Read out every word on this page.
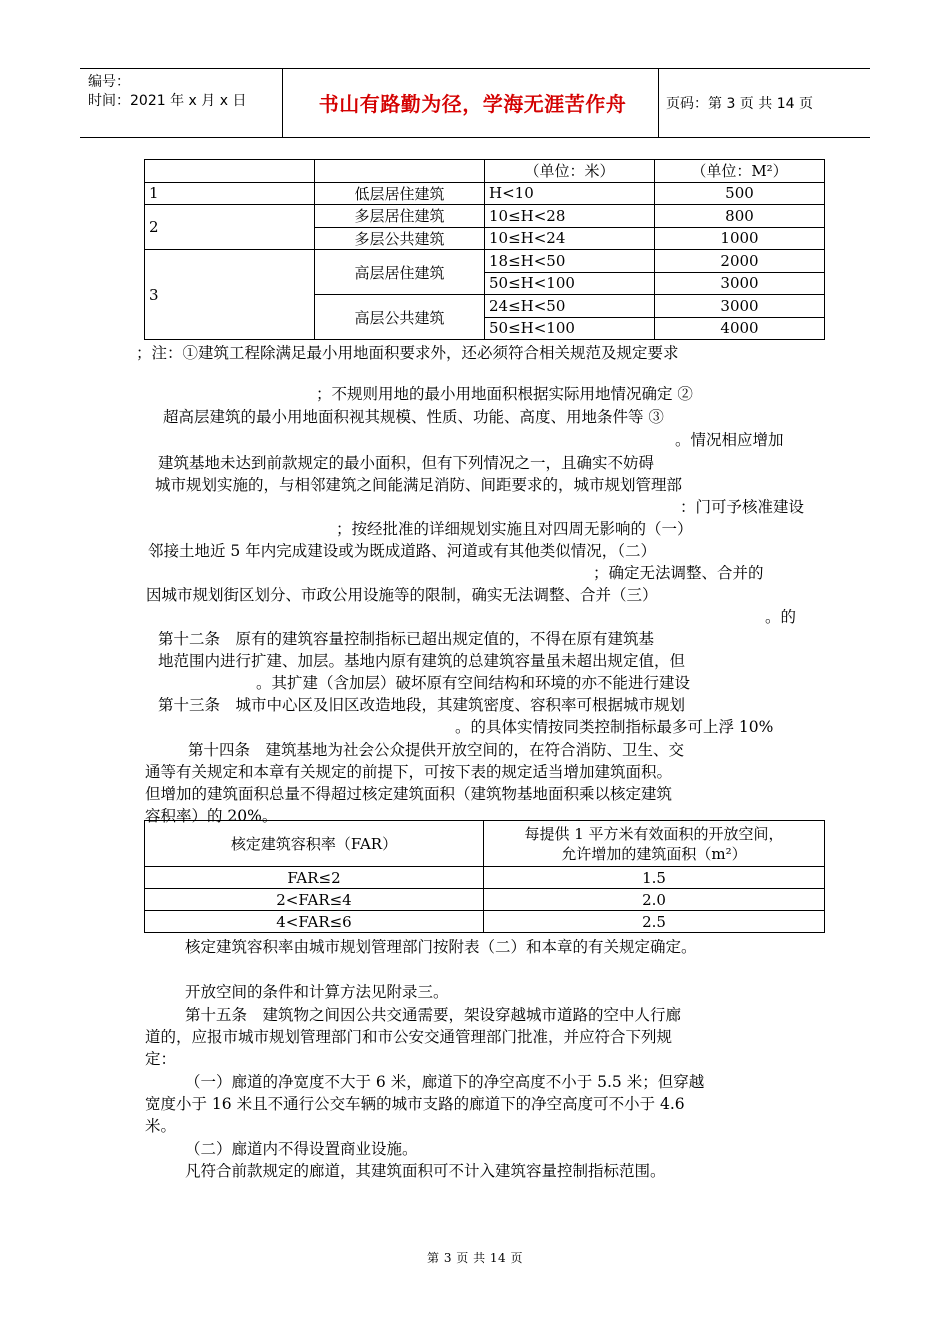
编号：
时间：2021 年 x 月 x 日	书山有路勤为径，学海无涯苦作舟	页码：第 3 页 共 14 页
		（单位：米）	（单位：M²）
1	低层居住建筑	H<10	500
2	多层居住建筑	10≤H<28	800
	多层公共建筑	10≤H<24	1000
3	高层居住建筑	18≤H<50	2000
		50≤H<100	3000
	高层公共建筑	24≤H<50	3000
		50≤H<100	4000
；注：①建筑工程除满足最小用地面积要求外，还必须符合相关规范及规定要求
；不规则用地的最小用地面积根据实际用地情况确定 ②
超高层建筑的最小用地面积视其规模、性质、功能、高度、用地条件等 ③
。情况相应增加
建筑基地未达到前款规定的最小面积，但有下列情况之一，且确实不妨碍
城市规划实施的，与相邻建筑之间能满足消防、间距要求的，城市规划管理部
：门可予核准建设
；按经批准的详细规划实施且对四周无影响的（一）
邻接土地近 5 年内完成建设或为既成道路、河道或有其他类似情况，（二）
；确定无法调整、合并的
因城市规划街区划分、市政公用设施等的限制，确实无法调整、合并（三）
。的
第十二条　原有的建筑容量控制指标已超出规定值的，不得在原有建筑基
地范围内进行扩建、加层。基地内原有建筑的总建筑容量虽未超出规定值，但
。其扩建（含加层）破坏原有空间结构和环境的亦不能进行建设
第十三条　城市中心区及旧区改造地段，其建筑密度、容积率可根据城市规划
。的具体实情按同类控制指标最多可上浮 10%
第十四条　建筑基地为社会公众提供开放空间的，在符合消防、卫生、交
通等有关规定和本章有关规定的前提下，可按下表的规定适当增加建筑面积。
但增加的建筑面积总量不得超过核定建筑面积（建筑物基地面积乘以核定建筑
容积率）的 20%。
核定建筑容积率（FAR）	每提供 1 平方米有效面积的开放空间，
允许增加的建筑面积（m²）

FAR≤2	1.5
2<FAR≤4	2.0
4<FAR≤6	2.5
核定建筑容积率由城市规划管理部门按附表（二）和本章的有关规定确定。
开放空间的条件和计算方法见附录三。
第十五条　建筑物之间因公共交通需要，架设穿越城市道路的空中人行廊
道的，应报市城市规划管理部门和市公安交通管理部门批准，并应符合下列规
定：
（一）廊道的净宽度不大于 6 米，廊道下的净空高度不小于 5.5 米；但穿越
宽度小于 16 米且不通行公交车辆的城市支路的廊道下的净空高度可不小于 4.6
米。
（二）廊道内不得设置商业设施。
凡符合前款规定的廊道，其建筑面积可不计入建筑容量控制指标范围。
第 3 页 共 14 页
